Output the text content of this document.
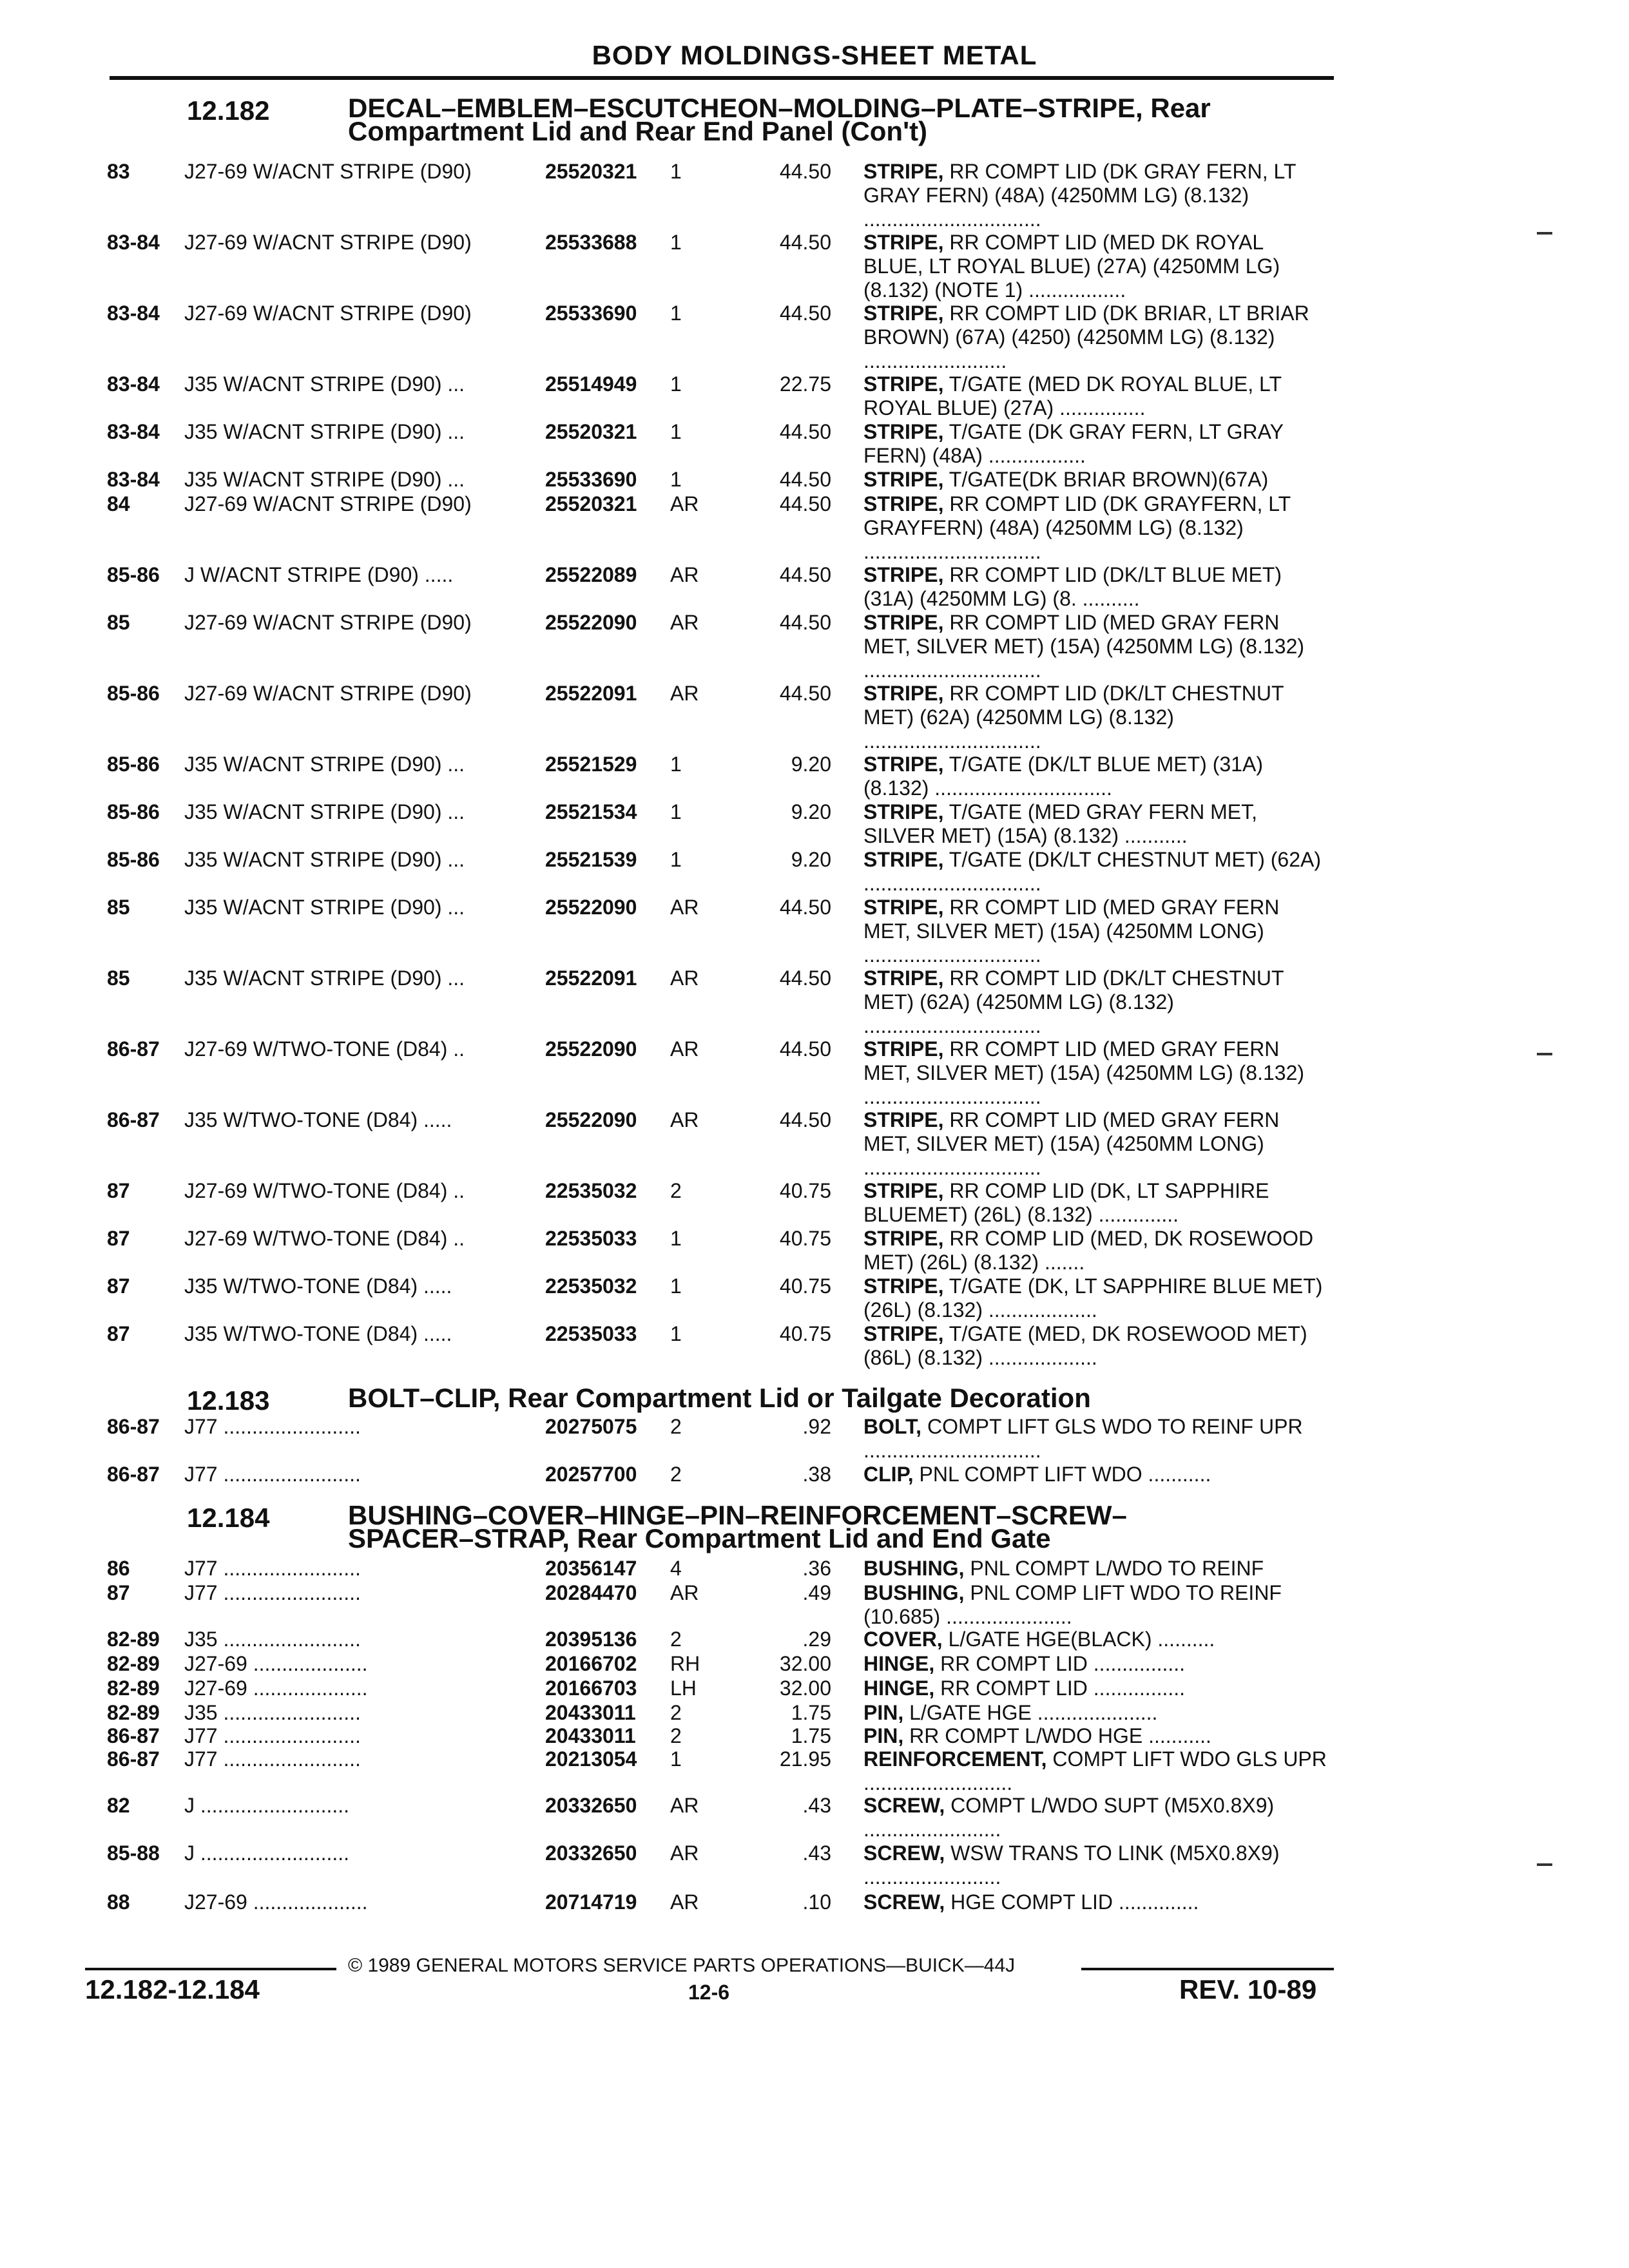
BODY MOLDINGS-SHEET METAL
12.182	DECAL–EMBLEM–ESCUTCHEON–MOLDING–PLATE–STRIPE, Rear
Compartment Lid and Rear End Panel (Con't)
12.183	BOLT–CLIP, Rear Compartment Lid or Tailgate Decoration
12.184	BUSHING–COVER–HINGE–PIN–REINFORCEMENT–SCREW–
SPACER–STRAP, Rear Compartment Lid and End Gate
83	J27-69 W/ACNT STRIPE (D90)	25520321 1	44.50 STRIPE, RR COMPT LID (DK GRAY FERN, LT GRAY FERN) (48A) (4250MM LG) (8.132) ...............................
83-84 J27-69 W/ACNT STRIPE (D90)	25533688 1	44.50 STRIPE, RR COMPT LID (MED DK ROYAL BLUE, LT ROYAL BLUE) (27A) (4250MM LG) (8.132) (NOTE 1) .................
83-84 J27-69 W/ACNT STRIPE (D90)	25533690 1	44.50 STRIPE, RR COMPT LID (DK BRIAR, LT BRIAR BROWN) (67A) (4250) (4250MM LG) (8.132) .........................
83-84 J35 W/ACNT STRIPE (D90) ...	25514949 1	22.75 STRIPE, T/GATE (MED DK ROYAL BLUE, LT ROYAL BLUE) (27A) ...............
83-84 J35 W/ACNT STRIPE (D90) ...	25520321 1	44.50 STRIPE, T/GATE (DK GRAY FERN, LT GRAY FERN) (48A) .................
83-84 J35 W/ACNT STRIPE (D90) ...	25533690 1	44.50 STRIPE, T/GATE(DK BRIAR BROWN)(67A)
84	J27-69 W/ACNT STRIPE (D90)	25520321 AR	44.50 STRIPE, RR COMPT LID (DK GRAYFERN, LT GRAYFERN) (48A) (4250MM LG) (8.132) ...............................
85-86 J W/ACNT STRIPE (D90) .....	25522089 AR	44.50 STRIPE, RR COMPT LID (DK/LT BLUE MET) (31A) (4250MM LG) (8. ..........
85	J27-69 W/ACNT STRIPE (D90)	25522090 AR	44.50 STRIPE, RR COMPT LID (MED GRAY FERN MET, SILVER MET) (15A) (4250MM LG) (8.132) ...............................
85-86 J27-69 W/ACNT STRIPE (D90)	25522091 AR	44.50 STRIPE, RR COMPT LID (DK/LT CHESTNUT MET) (62A) (4250MM LG) (8.132) ...............................
85-86 J35 W/ACNT STRIPE (D90) ...	25521529 1	9.20 STRIPE, T/GATE (DK/LT BLUE MET) (31A) (8.132) ...............................
85-86 J35 W/ACNT STRIPE (D90) ...	25521534 1	9.20 STRIPE, T/GATE (MED GRAY FERN MET, SILVER MET) (15A) (8.132) ...........
85-86 J35 W/ACNT STRIPE (D90) ...	25521539 1	9.20 STRIPE, T/GATE (DK/LT CHESTNUT MET) (62A) ...............................
85	J35 W/ACNT STRIPE (D90) ...	25522090 AR	44.50 STRIPE, RR COMPT LID (MED GRAY FERN MET, SILVER MET) (15A) (4250MM LONG) ...............................
85	J35 W/ACNT STRIPE (D90) ...	25522091 AR	44.50 STRIPE, RR COMPT LID (DK/LT CHESTNUT MET) (62A) (4250MM LG) (8.132) ...............................
86-87 J27-69 W/TWO-TONE (D84) ..	25522090 AR	44.50 STRIPE, RR COMPT LID (MED GRAY FERN MET, SILVER MET) (15A) (4250MM LG) (8.132) ...............................
86-87 J35 W/TWO-TONE (D84) .....	25522090 AR	44.50 STRIPE, RR COMPT LID (MED GRAY FERN MET, SILVER MET) (15A) (4250MM LONG) ...............................
87	J27-69 W/TWO-TONE (D84) ..	22535032 2	40.75 STRIPE, RR COMP LID (DK, LT SAPPHIRE BLUEMET) (26L) (8.132) ..............
87	J27-69 W/TWO-TONE (D84) ..	22535033 1	40.75 STRIPE, RR COMP LID (MED, DK ROSEWOOD MET) (26L) (8.132) .......
87	J35 W/TWO-TONE (D84) .....	22535032 1	40.75 STRIPE, T/GATE (DK, LT SAPPHIRE BLUE MET) (26L) (8.132) ...................
87	J35 W/TWO-TONE (D84) .....	22535033 1	40.75 STRIPE, T/GATE (MED, DK ROSEWOOD MET) (86L) (8.132) ...................
86-87 J77 ........................	20275075 2	.92 BOLT, COMPT LIFT GLS WDO TO REINF UPR ...............................
86-87 J77 ........................	20257700 2	.38 CLIP, PNL COMPT LIFT WDO ...........
86	J77 ........................	20356147 4	.36 BUSHING, PNL COMPT L/WDO TO REINF
87	J77 ........................	20284470 AR	.49 BUSHING, PNL COMP LIFT WDO TO REINF (10.685) ......................
82-89 J35 ........................	20395136 2	.29 COVER, L/GATE HGE(BLACK) ..........
82-89 J27-69 ....................	20166702 RH	32.00 HINGE, RR COMPT LID ................
82-89 J27-69 ....................	20166703 LH	32.00 HINGE, RR COMPT LID ................
82-89 J35 ........................	20433011 2	1.75 PIN, L/GATE HGE .....................
86-87 J77 ........................	20433011 2	1.75 PIN, RR COMPT L/WDO HGE ...........
86-87 J77 ........................	20213054 1	21.95 REINFORCEMENT, COMPT LIFT WDO GLS UPR ..........................
82	J ..........................	20332650 AR	.43 SCREW, COMPT L/WDO SUPT (M5X0.8X9) ........................
85-88 J ..........................	20332650 AR	.43 SCREW, WSW TRANS TO LINK (M5X0.8X9) ........................
88	J27-69 ....................	20714719 AR	.10 SCREW, HGE COMPT LID ..............
© 1989 GENERAL MOTORS SERVICE PARTS OPERATIONS—BUICK—44J
12.182-12.184	12-6	REV. 10-89
